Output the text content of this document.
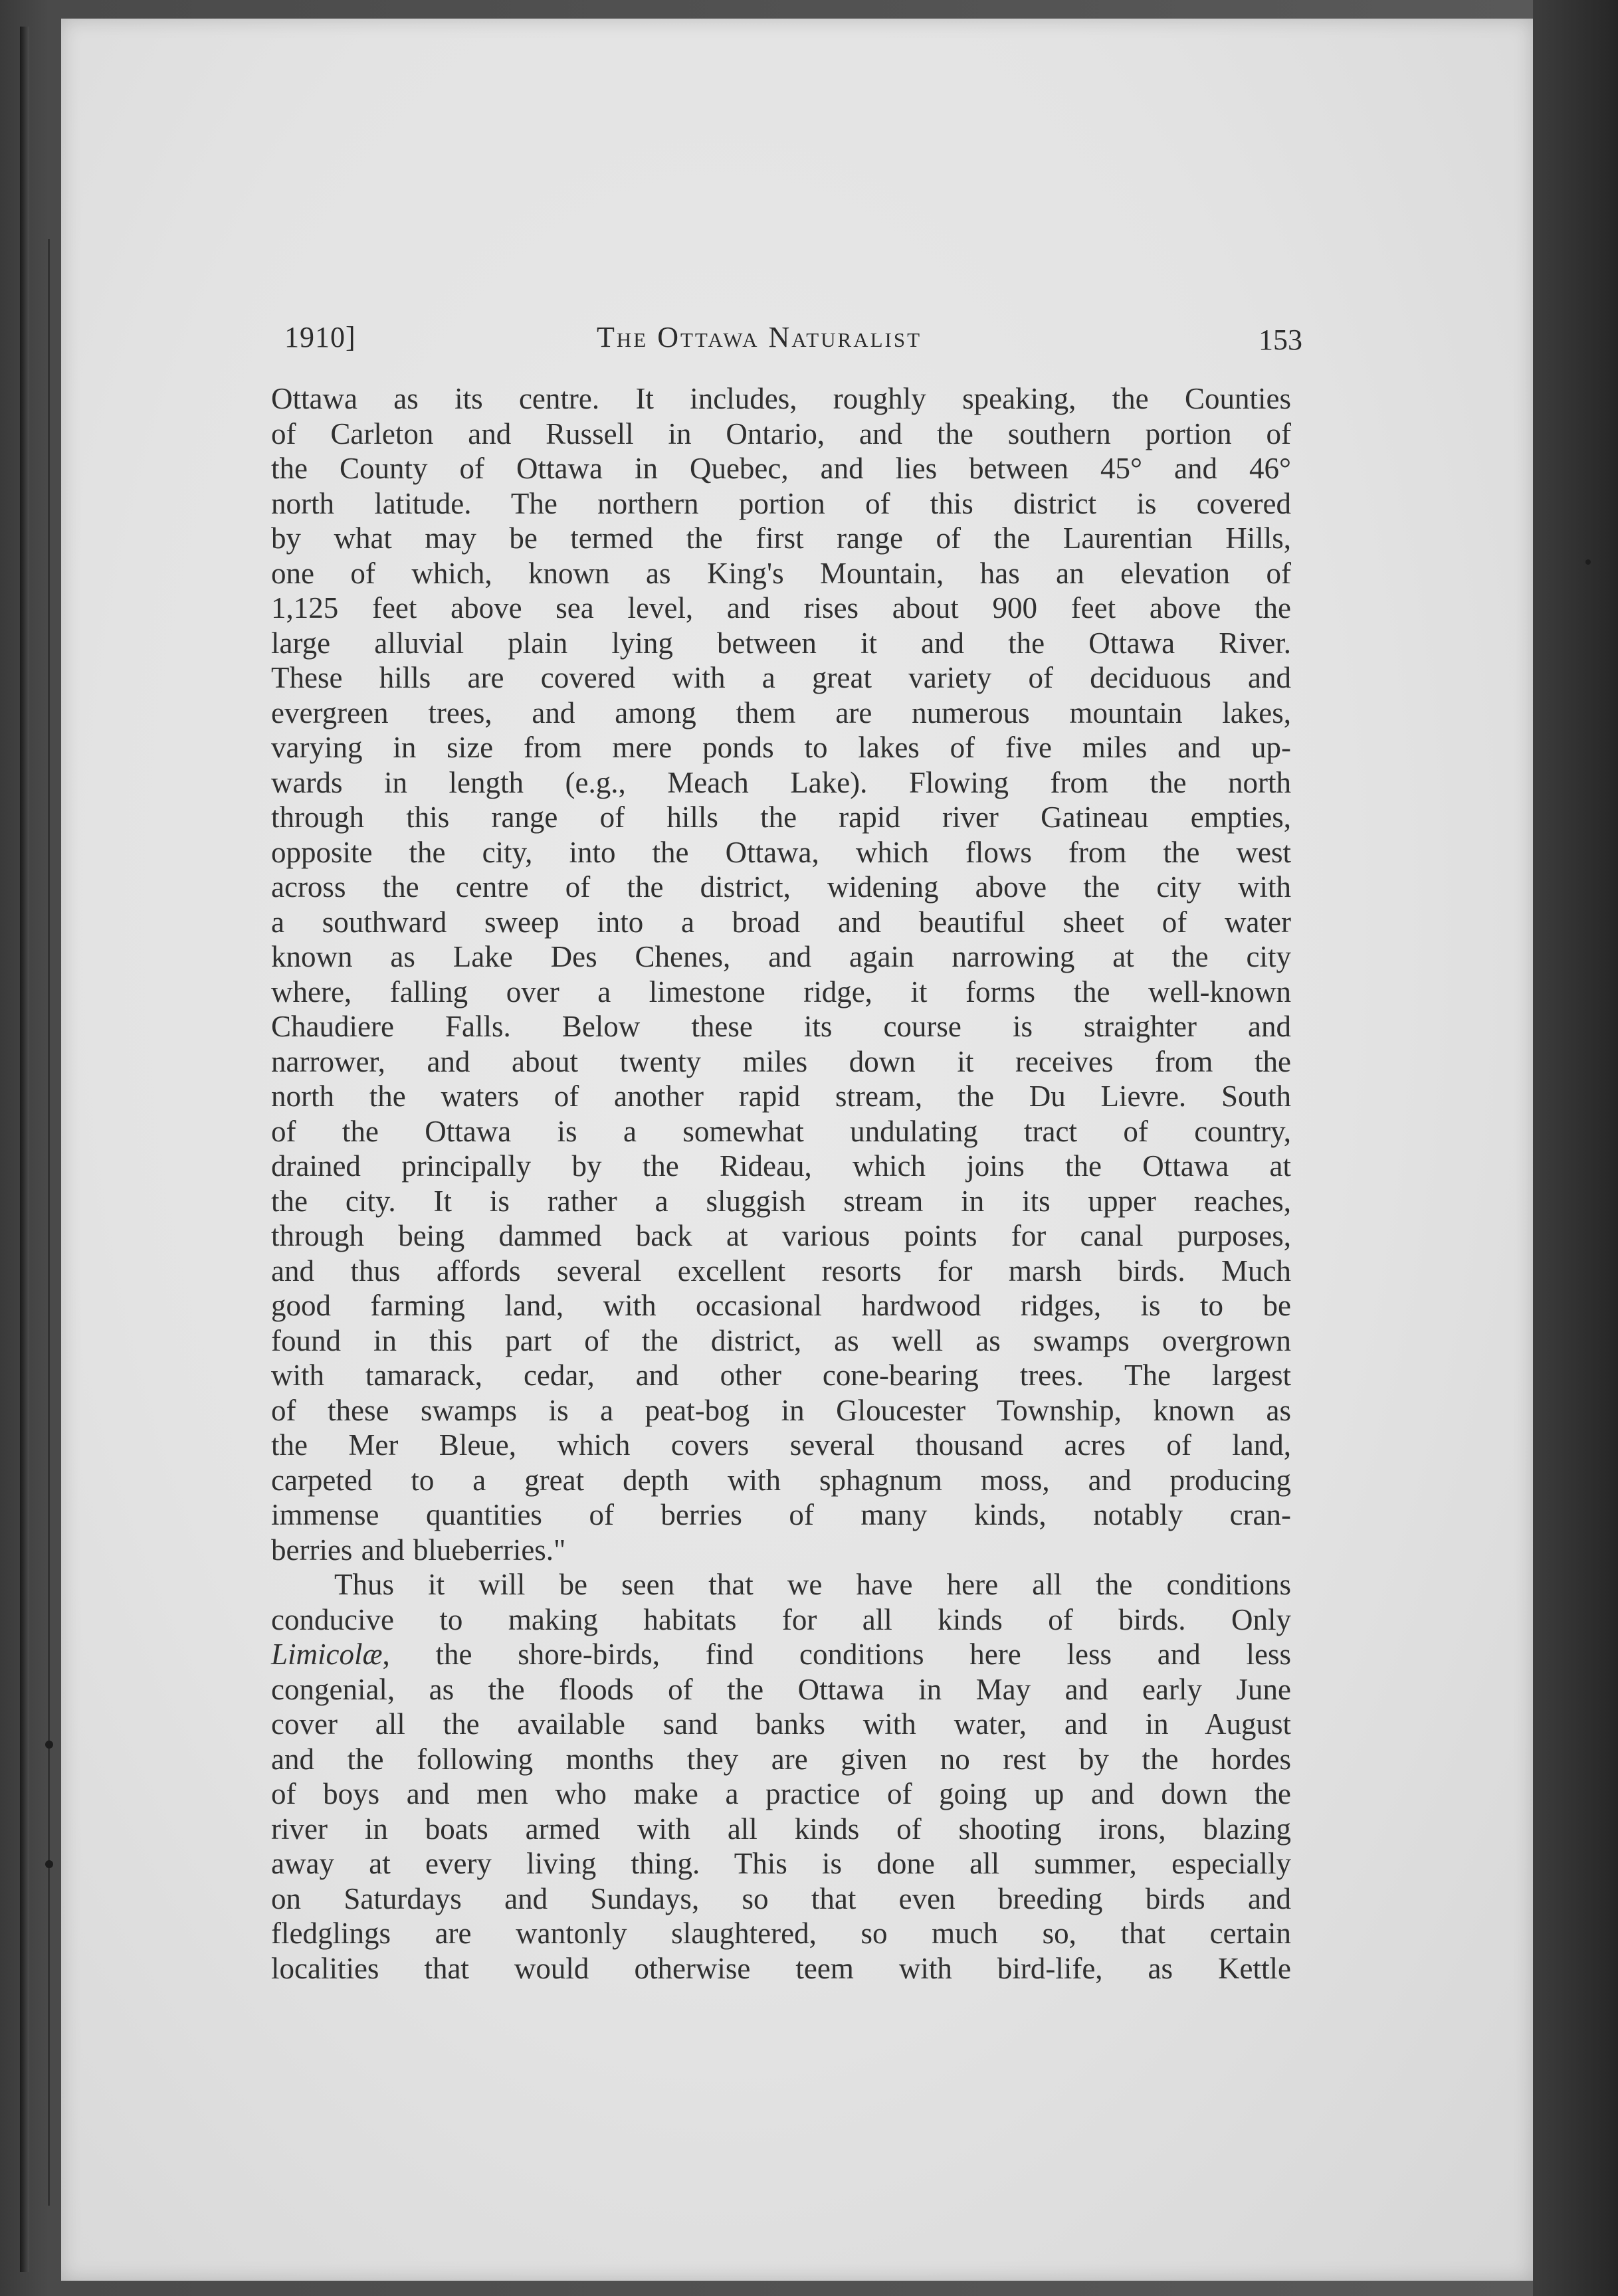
1910]	The Ottawa Naturalist	153
Ottawa as its centre. It includes, roughly speaking, the Counties
of Carleton and Russell in Ontario, and the southern portion of
the County of Ottawa in Quebec, and lies between 45° and 46°
north latitude. The northern portion of this district is covered
by what may be termed the first range of the Laurentian Hills,
one of which, known as King's Mountain, has an elevation of
1,125 feet above sea level, and rises about 900 feet above the
large alluvial plain lying between it and the Ottawa River.
These hills are covered with a great variety of deciduous and
evergreen trees, and among them are numerous mountain lakes,
varying in size from mere ponds to lakes of five miles and up-
wards in length (e.g., Meach Lake). Flowing from the north
through this range of hills the rapid river Gatineau empties,
opposite the city, into the Ottawa, which flows from the west
across the centre of the district, widening above the city with
a southward sweep into a broad and beautiful sheet of water
known as Lake Des Chenes, and again narrowing at the city
where, falling over a limestone ridge, it forms the well-known
Chaudiere Falls. Below these its course is straighter and
narrower, and about twenty miles down it receives from the
north the waters of another rapid stream, the Du Lievre. South
of the Ottawa is a somewhat undulating tract of country,
drained principally by the Rideau, which joins the Ottawa at
the city. It is rather a sluggish stream in its upper reaches,
through being dammed back at various points for canal purposes,
and thus affords several excellent resorts for marsh birds. Much
good farming land, with occasional hardwood ridges, is to be
found in this part of the district, as well as swamps overgrown
with tamarack, cedar, and other cone-bearing trees. The largest
of these swamps is a peat-bog in Gloucester Township, known as
the Mer Bleue, which covers several thousand acres of land,
carpeted to a great depth with sphagnum moss, and producing
immense quantities of berries of many kinds, notably cran-
berries and blueberries."
Thus it will be seen that we have here all the conditions
conducive to making habitats for all kinds of birds. Only
Limicolæ, the shore-birds, find conditions here less and less
congenial, as the floods of the Ottawa in May and early June
cover all the available sand banks with water, and in August
and the following months they are given no rest by the hordes
of boys and men who make a practice of going up and down the
river in boats armed with all kinds of shooting irons, blazing
away at every living thing. This is done all summer, especially
on Saturdays and Sundays, so that even breeding birds and
fledglings are wantonly slaughtered, so much so, that certain
localities that would otherwise teem with bird-life, as Kettle
